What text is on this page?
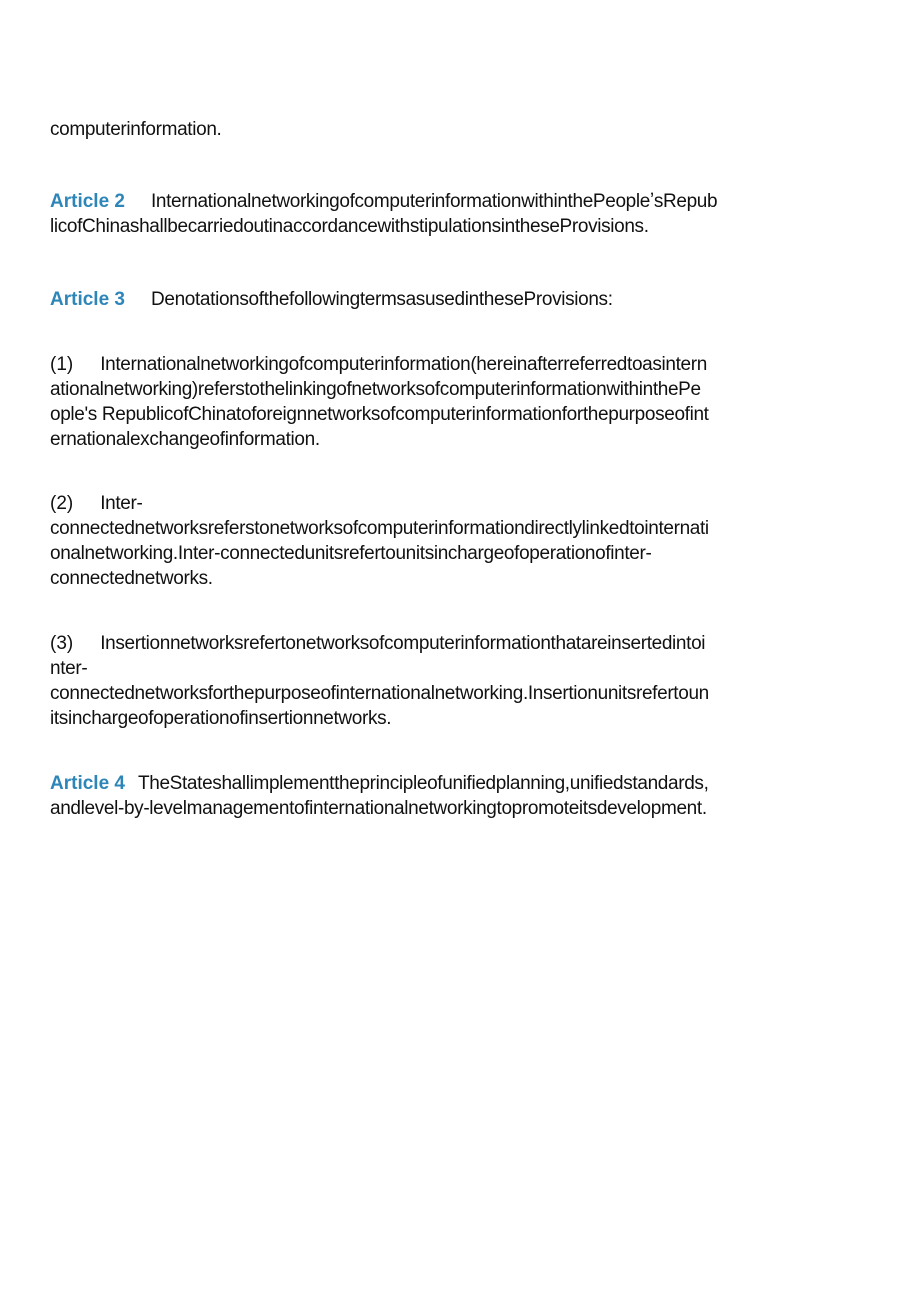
computerinformation.
Article 2 InternationalnetworkingofcomputerinformationwithinthePeopleʼsRepub
licofChinashallbecarriedoutinaccordancewithstipulationsintheseProvisions.
Article 3 DenotationsofthefollowingtermsasusedintheseProvisions:
(1) Internationalnetworkingofcomputerinformation(hereinafterreferredtoasintern
ationalnetworking)referstothelinkingofnetworksofcomputerinformationwithinthePe
ople's RepublicofChinatoforeignnetworksofcomputerinformationforthepurposeofint
ernationalexchangeofinformation.
(2) Inter-
connectednetworksreferstonetworksofcomputerinformationdirectlylinkedtointernati
onalnetworking.Inter-connectedunitsrefertounitsinchargeofoperationofinter-
connectednetworks.
(3) Insertionnetworksrefertonetworksofcomputerinformationthatareinsertedintoi
nter-
connectednetworksforthepurposeofinternationalnetworking.Insertionunitsrefertoun
itsinchargeofoperationofinsertionnetworks.
Article 4 TheStateshallimplementtheprincipleofunifiedplanning,unifiedstandards,
andlevel-by-levelmanagementofinternationalnetworkingtopromoteitsdevelopment.
